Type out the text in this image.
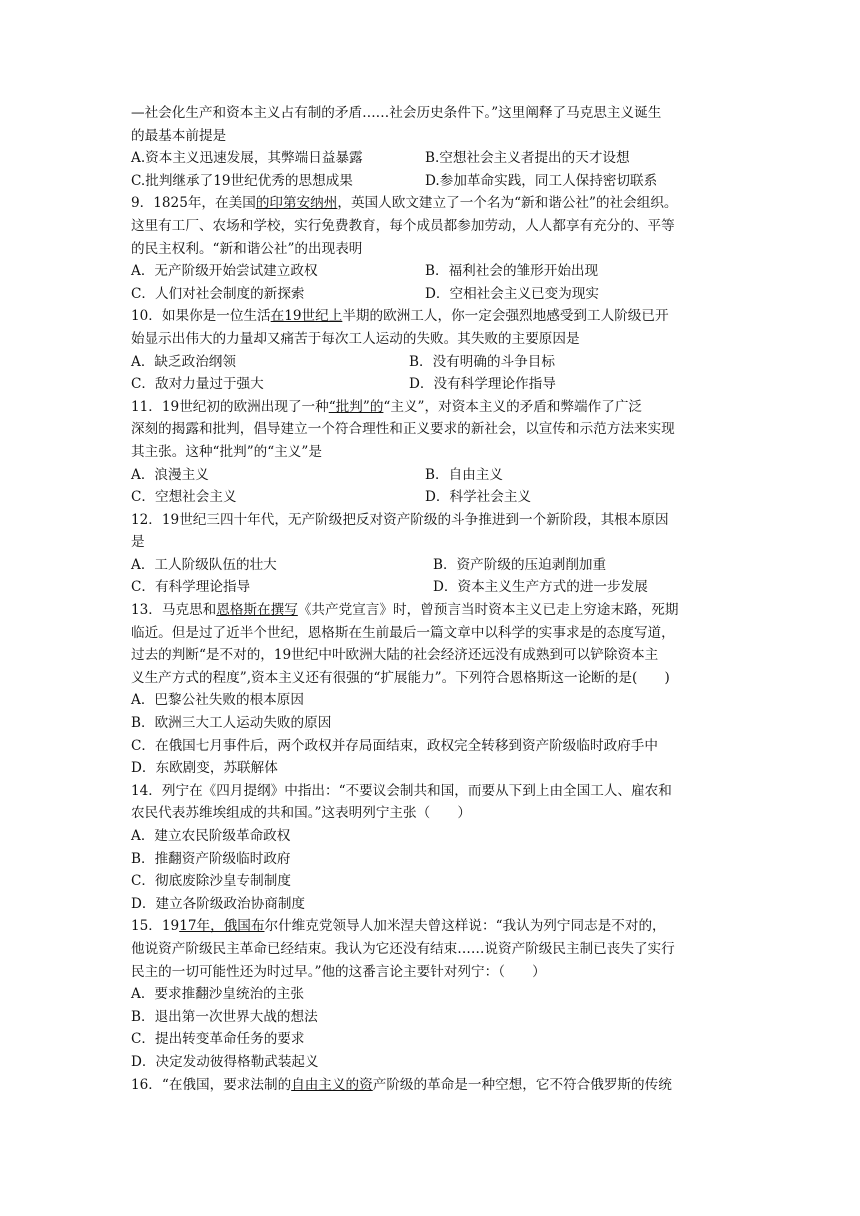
—社会化生产和资本主义占有制的矛盾……社会历史条件下。”这里阐释了马克思主义诞生

的最基本前提是

A.资本主义迅速发展，其弊端日益暴露	B.空想社会主义者提出的天才设想
C.批判继承了19世纪优秀的思想成果	D.参加革命实践，同工人保持密切联系

9．1825年，在美国的印第安纳州，英国人欧文建立了一个名为“新和谐公社”的社会组织。

这里有工厂、农场和学校，实行免费教育，每个成员都参加劳动，人人都享有充分的、平等

的民主权利。“新和谐公社”的出现表明

A．无产阶级开始尝试建立政权	B．福利社会的雏形开始出现
C．人们对社会制度的新探索	D．空相社会主义已变为现实

10．如果你是一位生活在19世纪上半期的欧洲工人，你一定会强烈地感受到工人阶级已开

始显示出伟大的力量却又痛苦于每次工人运动的失败。其失败的主要原因是

A．缺乏政治纲领	B．没有明确的斗争目标
C．敌对力量过于强大	D．没有科学理论作指导

11．19世纪初的欧洲出现了一种“批判”的“主义”，对资本主义的矛盾和弊端作了广泛

深刻的揭露和批判，倡导建立一个符合理性和正义要求的新社会，以宣传和示范方法来实现

其主张。这种“批判”的“主义”是

A．浪漫主义	B．自由主义
C．空想社会主义	D．科学社会主义

12．19世纪三四十年代，无产阶级把反对资产阶级的斗争推进到一个新阶段，其根本原因

是

A．工人阶级队伍的壮大	B．资产阶级的压迫剥削加重
C．有科学理论指导	D．资本主义生产方式的进一步发展

13．马克思和恩格斯在撰写《共产党宣言》时，曾预言当时资本主义已走上穷途末路，死期

临近。但是过了近半个世纪，恩格斯在生前最后一篇文章中以科学的实事求是的态度写道，

过去的判断“是不对的，19世纪中叶欧洲大陆的社会经济还远没有成熟到可以铲除资本主

义生产方式的程度”,资本主义还有很强的“扩展能力”。下列符合恩格斯这一论断的是(　　)

A．巴黎公社失败的根本原因

B．欧洲三大工人运动失败的原因

C．在俄国七月事件后，两个政权并存局面结束，政权完全转移到资产阶级临时政府手中

D．东欧剧变，苏联解体

14．列宁在《四月提纲》中指出：“不要议会制共和国，而要从下到上由全国工人、雇农和

农民代表苏维埃组成的共和国。”这表明列宁主张（　　）

A．建立农民阶级革命政权

B．推翻资产阶级临时政府

C．彻底废除沙皇专制制度

D．建立各阶级政治协商制度

15．1917年，俄国布尔什维克党领导人加米涅夫曾这样说：“我认为列宁同志是不对的，

他说资产阶级民主革命已经结束。我认为它还没有结束……说资产阶级民主制已丧失了实行

民主的一切可能性还为时过早。”他的这番言论主要针对列宁：（　　）

A．要求推翻沙皇统治的主张

B．退出第一次世界大战的想法

C．提出转变革命任务的要求

D．决定发动彼得格勒武装起义

16．“在俄国，要求法制的自由主义的资产阶级的革命是一种空想，它不符合俄罗斯的传统
